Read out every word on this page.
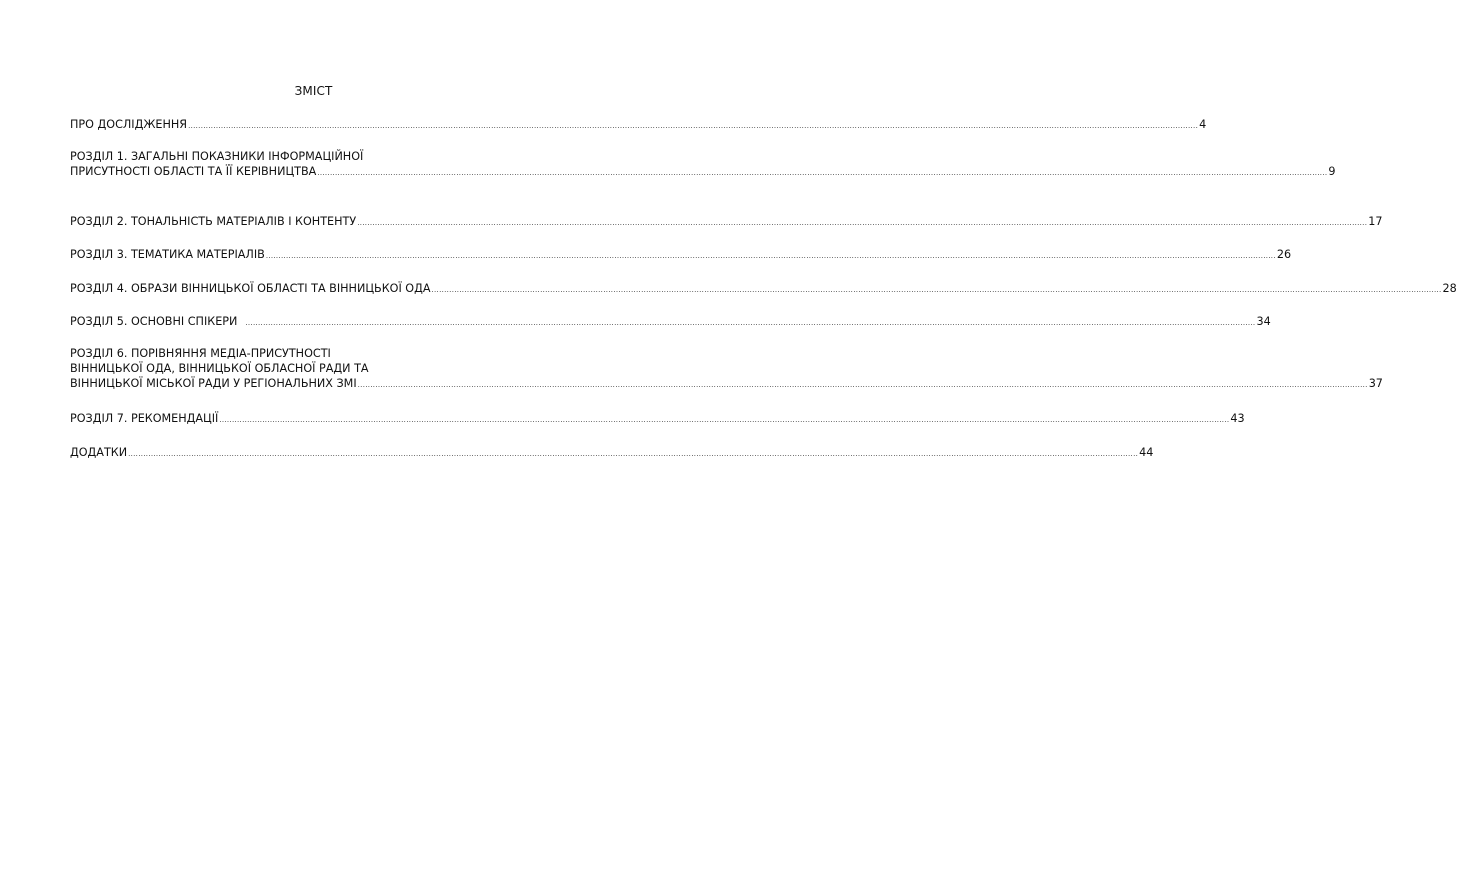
ЗМІСТ
ПРО ДОСЛІДЖЕННЯ ................................................................................................................................................................................................................................................................................................................................................................................................................ 4
РОЗДІЛ 1. ЗАГАЛЬНІ ПОКАЗНИКИ ІНФОРМАЦІЙНОЇ
ПРИСУТНОСТІ ОБЛАСТІ ТА ЇЇ КЕРІВНИЦТВА ................................................................................................................................................................................................................................................................................................................................................................................................................ 9
РОЗДІЛ 2. ТОНАЛЬНІСТЬ МАТЕРІАЛІВ І КОНТЕНТУ ................................................................................................................................................................................................................................................................................................................................................................................................................ 17
РОЗДІЛ 3. ТЕМАТИКА МАТЕРІАЛІВ ................................................................................................................................................................................................................................................................................................................................................................................................................ 26
РОЗДІЛ 4. ОБРАЗИ ВІННИЦЬКОЇ ОБЛАСТІ ТА ВІННИЦЬКОЇ ОДА ................................................................................................................................................................................................................................................................................................................................................................................................................ 28
РОЗДІЛ 5. ОСНОВНІ СПІКЕРИ ................................................................................................................................................................................................................................................................................................................................................................................................................ 34
РОЗДІЛ 6. ПОРІВНЯННЯ МЕДІА-ПРИСУТНОСТІ
ВІННИЦЬКОЇ ОДА, ВІННИЦЬКОЇ ОБЛАСНОЇ РАДИ ТА
ВІННИЦЬКОЇ МІСЬКОЇ РАДИ У РЕГІОНАЛЬНИХ ЗМІ ................................................................................................................................................................................................................................................................................................................................................................................................................ 37
РОЗДІЛ 7. РЕКОМЕНДАЦІЇ ................................................................................................................................................................................................................................................................................................................................................................................................................ 43
ДОДАТКИ ................................................................................................................................................................................................................................................................................................................................................................................................................ 44
